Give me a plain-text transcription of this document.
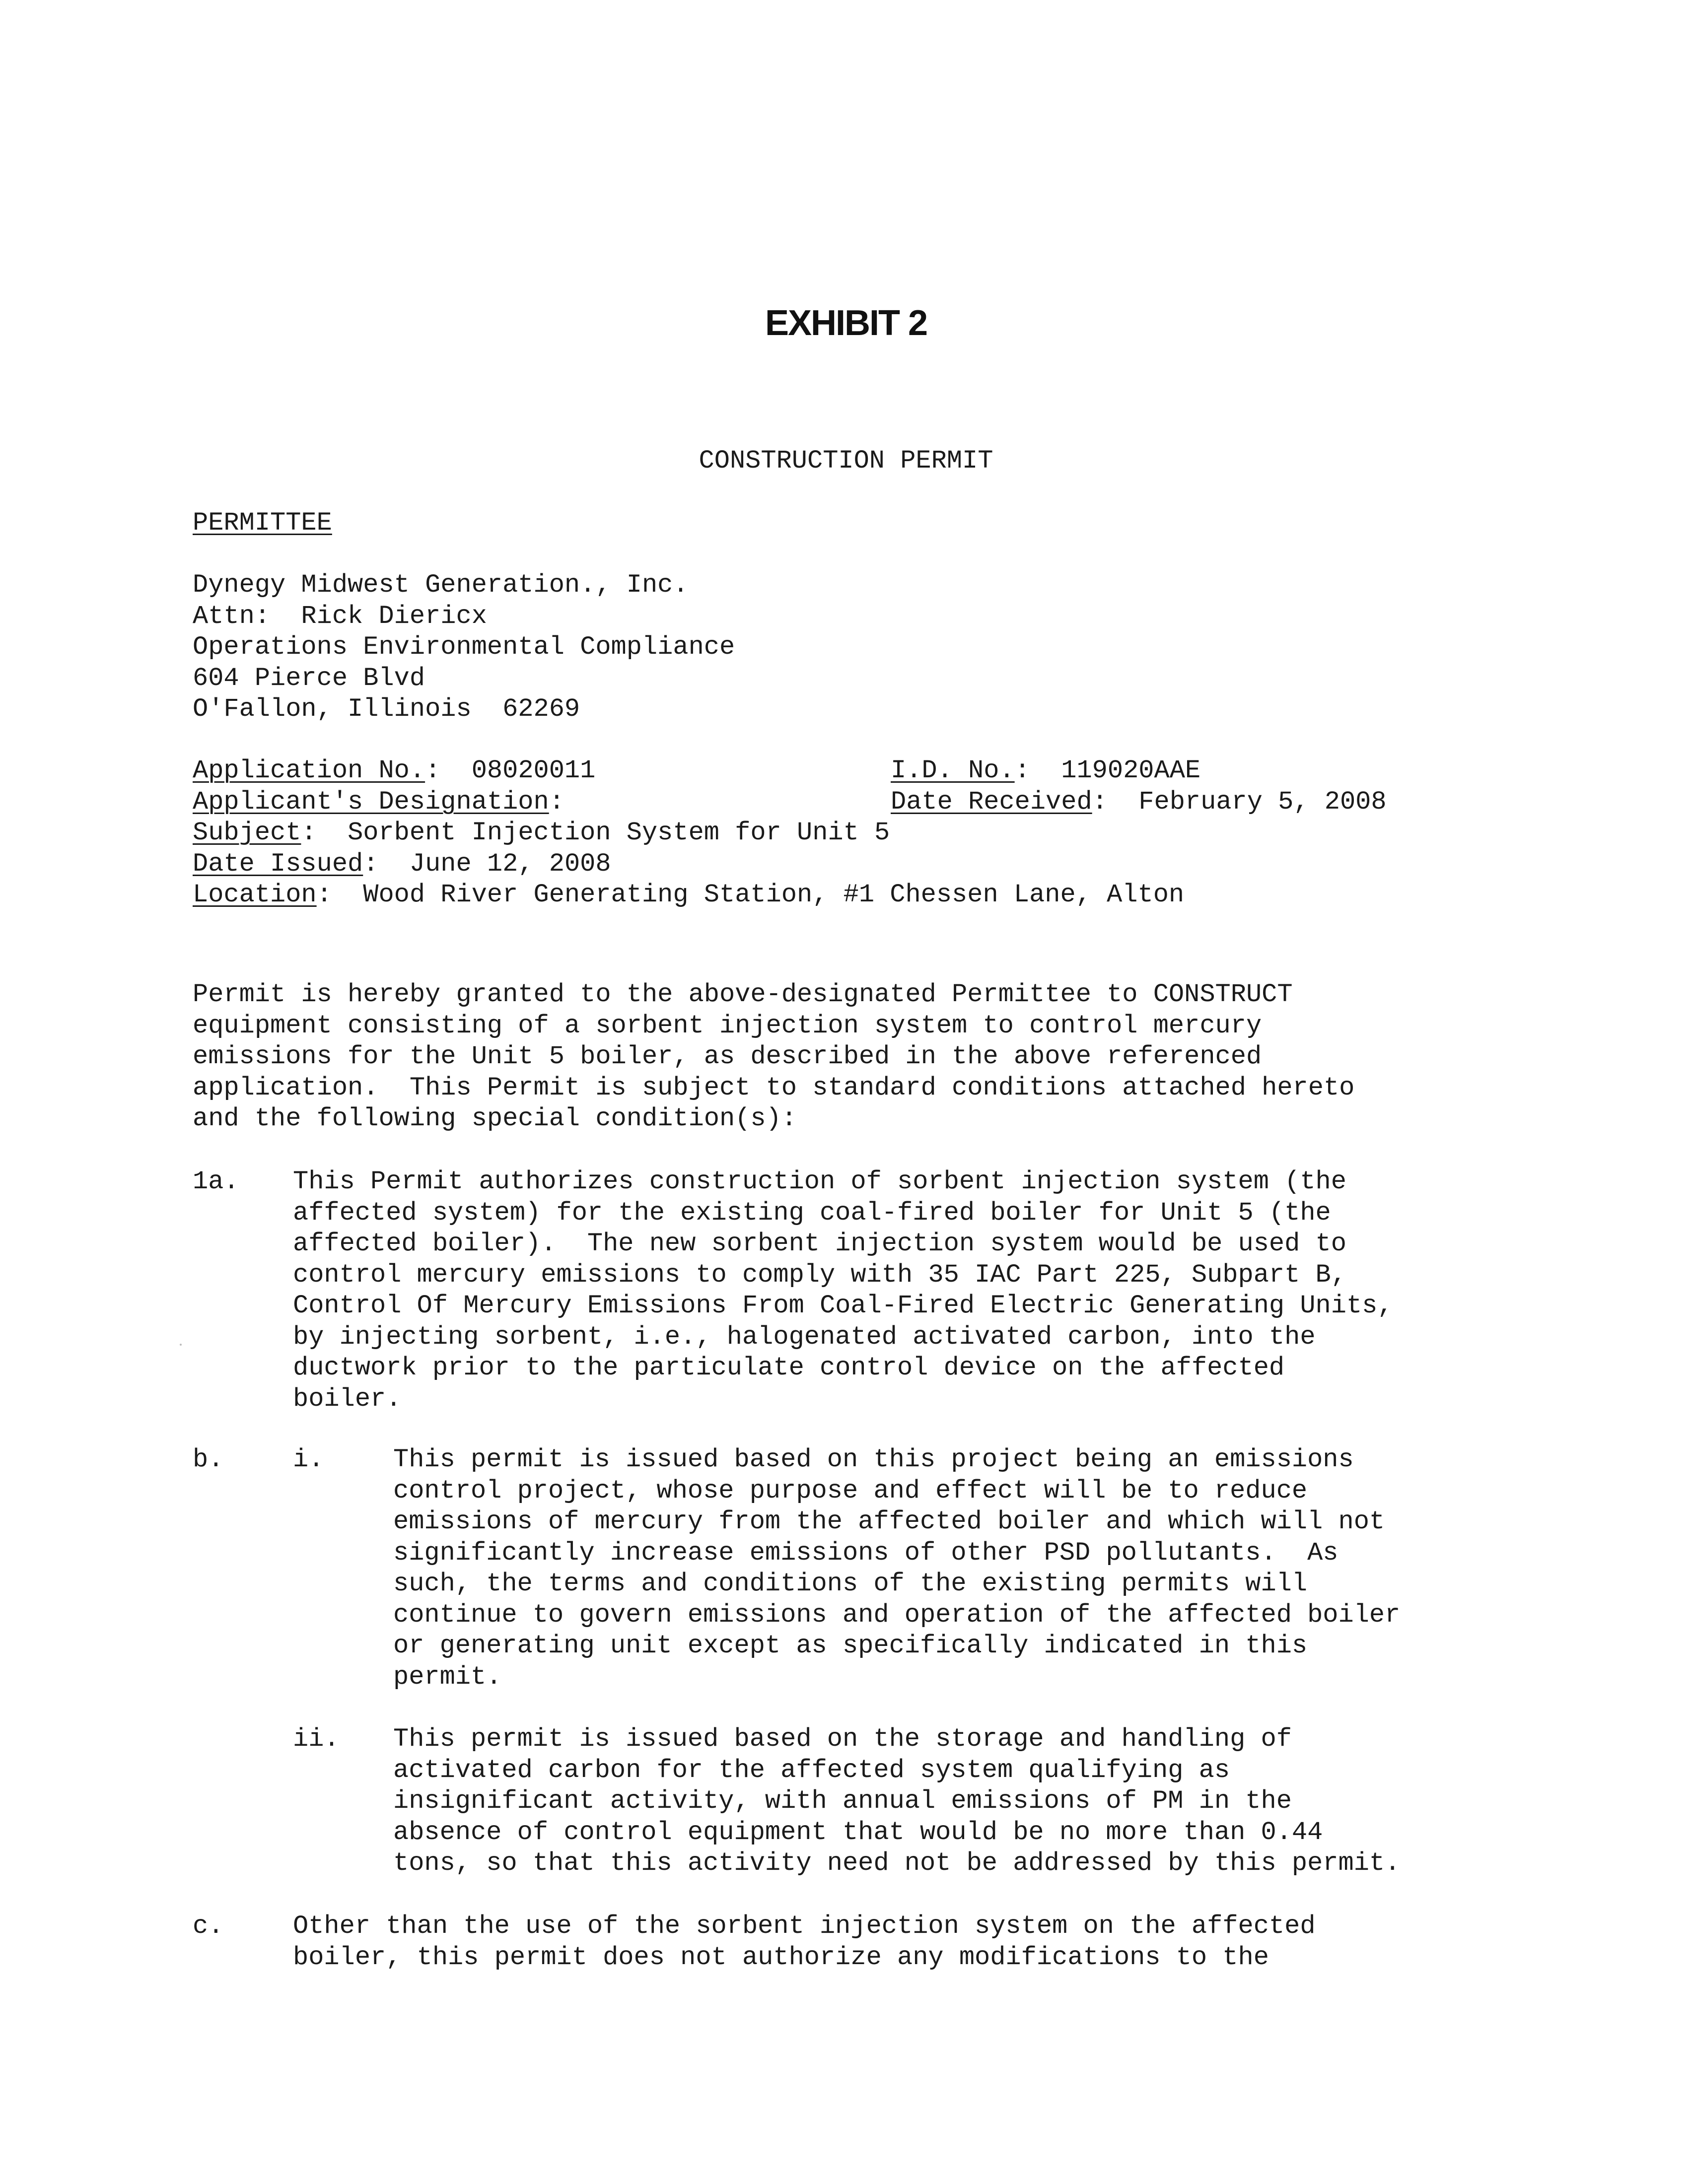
EXHIBIT 2
CONSTRUCTION PERMIT
PERMITTEE
Dynegy Midwest Generation., Inc.
Attn:  Rick Diericx
Operations Environmental Compliance
604 Pierce Blvd
O'Fallon, Illinois  62269
Application No.:  08020011	I.D. No.:  119020AAE
Applicant's Designation:	Date Received:  February 5, 2008
Subject:  Sorbent Injection System for Unit 5
Date Issued:  June 12, 2008
Location:  Wood River Generating Station, #1 Chessen Lane, Alton
Permit is hereby granted to the above-designated Permittee to CONSTRUCT
equipment consisting of a sorbent injection system to control mercury
emissions for the Unit 5 boiler, as described in the above referenced
application.  This Permit is subject to standard conditions attached hereto
and the following special condition(s):
1a. This Permit authorizes construction of sorbent injection system (the
affected system) for the existing coal-fired boiler for Unit 5 (the
affected boiler).  The new sorbent injection system would be used to
control mercury emissions to comply with 35 IAC Part 225, Subpart B,
Control Of Mercury Emissions From Coal-Fired Electric Generating Units,
by injecting sorbent, i.e., halogenated activated carbon, into the
ductwork prior to the particulate control device on the affected
boiler.
b.	i.	This permit is issued based on this project being an emissions
control project, whose purpose and effect will be to reduce
emissions of mercury from the affected boiler and which will not
significantly increase emissions of other PSD pollutants.  As
such, the terms and conditions of the existing permits will
continue to govern emissions and operation of the affected boiler
or generating unit except as specifically indicated in this
permit.
ii. This permit is issued based on the storage and handling of
activated carbon for the affected system qualifying as
insignificant activity, with annual emissions of PM in the
absence of control equipment that would be no more than 0.44
tons, so that this activity need not be addressed by this permit.
c.	Other than the use of the sorbent injection system on the affected
boiler, this permit does not authorize any modifications to the
